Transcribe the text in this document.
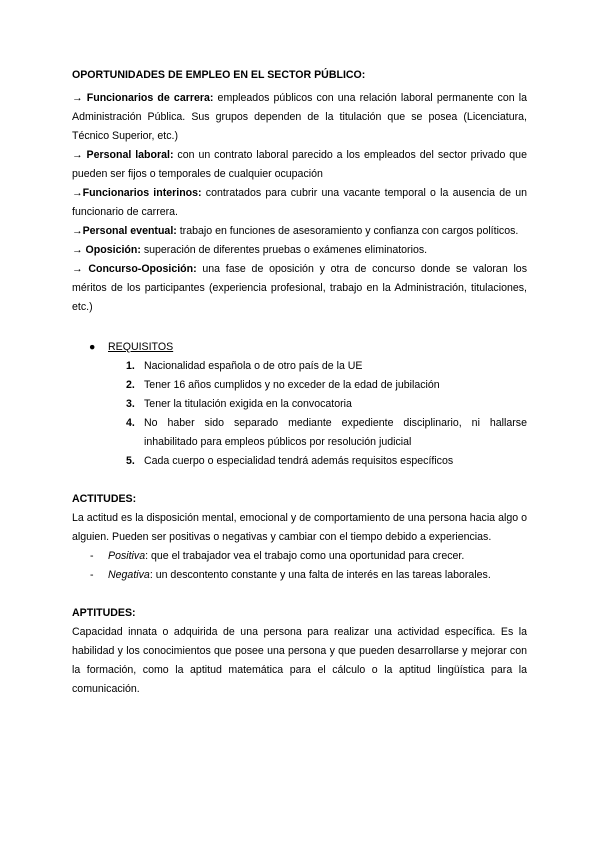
OPORTUNIDADES DE EMPLEO EN EL SECTOR PÚBLICO:

→ Funcionarios de carrera: empleados públicos con una relación laboral permanente con la Administración Pública. Sus grupos dependen de la titulación que se posea (Licenciatura, Técnico Superior, etc.)

→ Personal laboral: con un contrato laboral parecido a los empleados del sector privado que pueden ser fijos o temporales de cualquier ocupación

→Funcionarios interinos: contratados para cubrir una vacante temporal o la ausencia de un funcionario de carrera.

→Personal eventual: trabajo en funciones de asesoramiento y confianza con cargos políticos.

→ Oposición: superación de diferentes pruebas o exámenes eliminatorios.

→ Concurso-Oposición: una fase de oposición y otra de concurso donde se valoran los méritos de los participantes (experiencia profesional, trabajo en la Administración, titulaciones, etc.)

● REQUISITOS
1. Nacionalidad española o de otro país de la UE
2. Tener 16 años cumplidos y no exceder de la edad de jubilación
3. Tener la titulación exigida en la convocatoria
4. No haber sido separado mediante expediente disciplinario, ni hallarse inhabilitado para empleos públicos por resolución judicial
5. Cada cuerpo o especialidad tendrá además requisitos específicos
ACTITUDES:

La actitud es la disposición mental, emocional y de comportamiento de una persona hacia algo o alguien. Pueden ser positivas o negativas y cambiar con el tiempo debido a experiencias.

- Positiva: que el trabajador vea el trabajo como una oportunidad para crecer.
- Negativa: un descontento constante y una falta de interés en las tareas laborales.
APTITUDES:

Capacidad innata o adquirida de una persona para realizar una actividad específica. Es la habilidad y los conocimientos que posee una persona y que pueden desarrollarse y mejorar con la formación, como la aptitud matemática para el cálculo o la aptitud lingüística para la comunicación.
